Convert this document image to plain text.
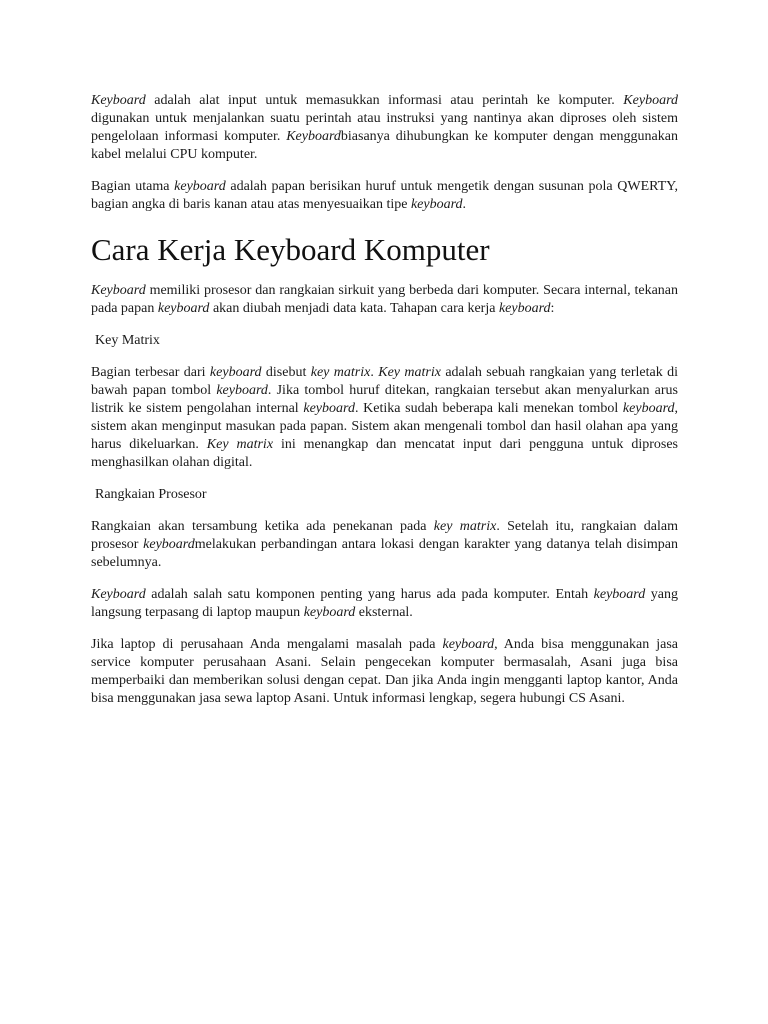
Keyboard adalah alat input untuk memasukkan informasi atau perintah ke komputer. Keyboard digunakan untuk menjalankan suatu perintah atau instruksi yang nantinya akan diproses oleh sistem pengelolaan informasi komputer. Keyboardbiasanya dihubungkan ke komputer dengan menggunakan kabel melalui CPU komputer.

Bagian utama keyboard adalah papan berisikan huruf untuk mengetik dengan susunan pola QWERTY, bagian angka di baris kanan atau atas menyesuaikan tipe keyboard.

Cara Kerja Keyboard Komputer

Keyboard memiliki prosesor dan rangkaian sirkuit yang berbeda dari komputer. Secara internal, tekanan pada papan keyboard akan diubah menjadi data kata. Tahapan cara kerja keyboard:

Key Matrix

Bagian terbesar dari keyboard disebut key matrix. Key matrix adalah sebuah rangkaian yang terletak di bawah papan tombol keyboard. Jika tombol huruf ditekan, rangkaian tersebut akan menyalurkan arus listrik ke sistem pengolahan internal keyboard. Ketika sudah beberapa kali menekan tombol keyboard, sistem akan menginput masukan pada papan. Sistem akan mengenali tombol dan hasil olahan apa yang harus dikeluarkan. Key matrix ini menangkap dan mencatat input dari pengguna untuk diproses menghasilkan olahan digital.

Rangkaian Prosesor

Rangkaian akan tersambung ketika ada penekanan pada key matrix. Setelah itu, rangkaian dalam prosesor keyboardmelakukan perbandingan antara lokasi dengan karakter yang datanya telah disimpan sebelumnya.

Keyboard adalah salah satu komponen penting yang harus ada pada komputer. Entah keyboard yang langsung terpasang di laptop maupun keyboard eksternal.

Jika laptop di perusahaan Anda mengalami masalah pada keyboard, Anda bisa menggunakan jasa service komputer perusahaan Asani. Selain pengecekan komputer bermasalah, Asani juga bisa memperbaiki dan memberikan solusi dengan cepat. Dan jika Anda ingin mengganti laptop kantor, Anda bisa menggunakan jasa sewa laptop Asani. Untuk informasi lengkap, segera hubungi CS Asani.
